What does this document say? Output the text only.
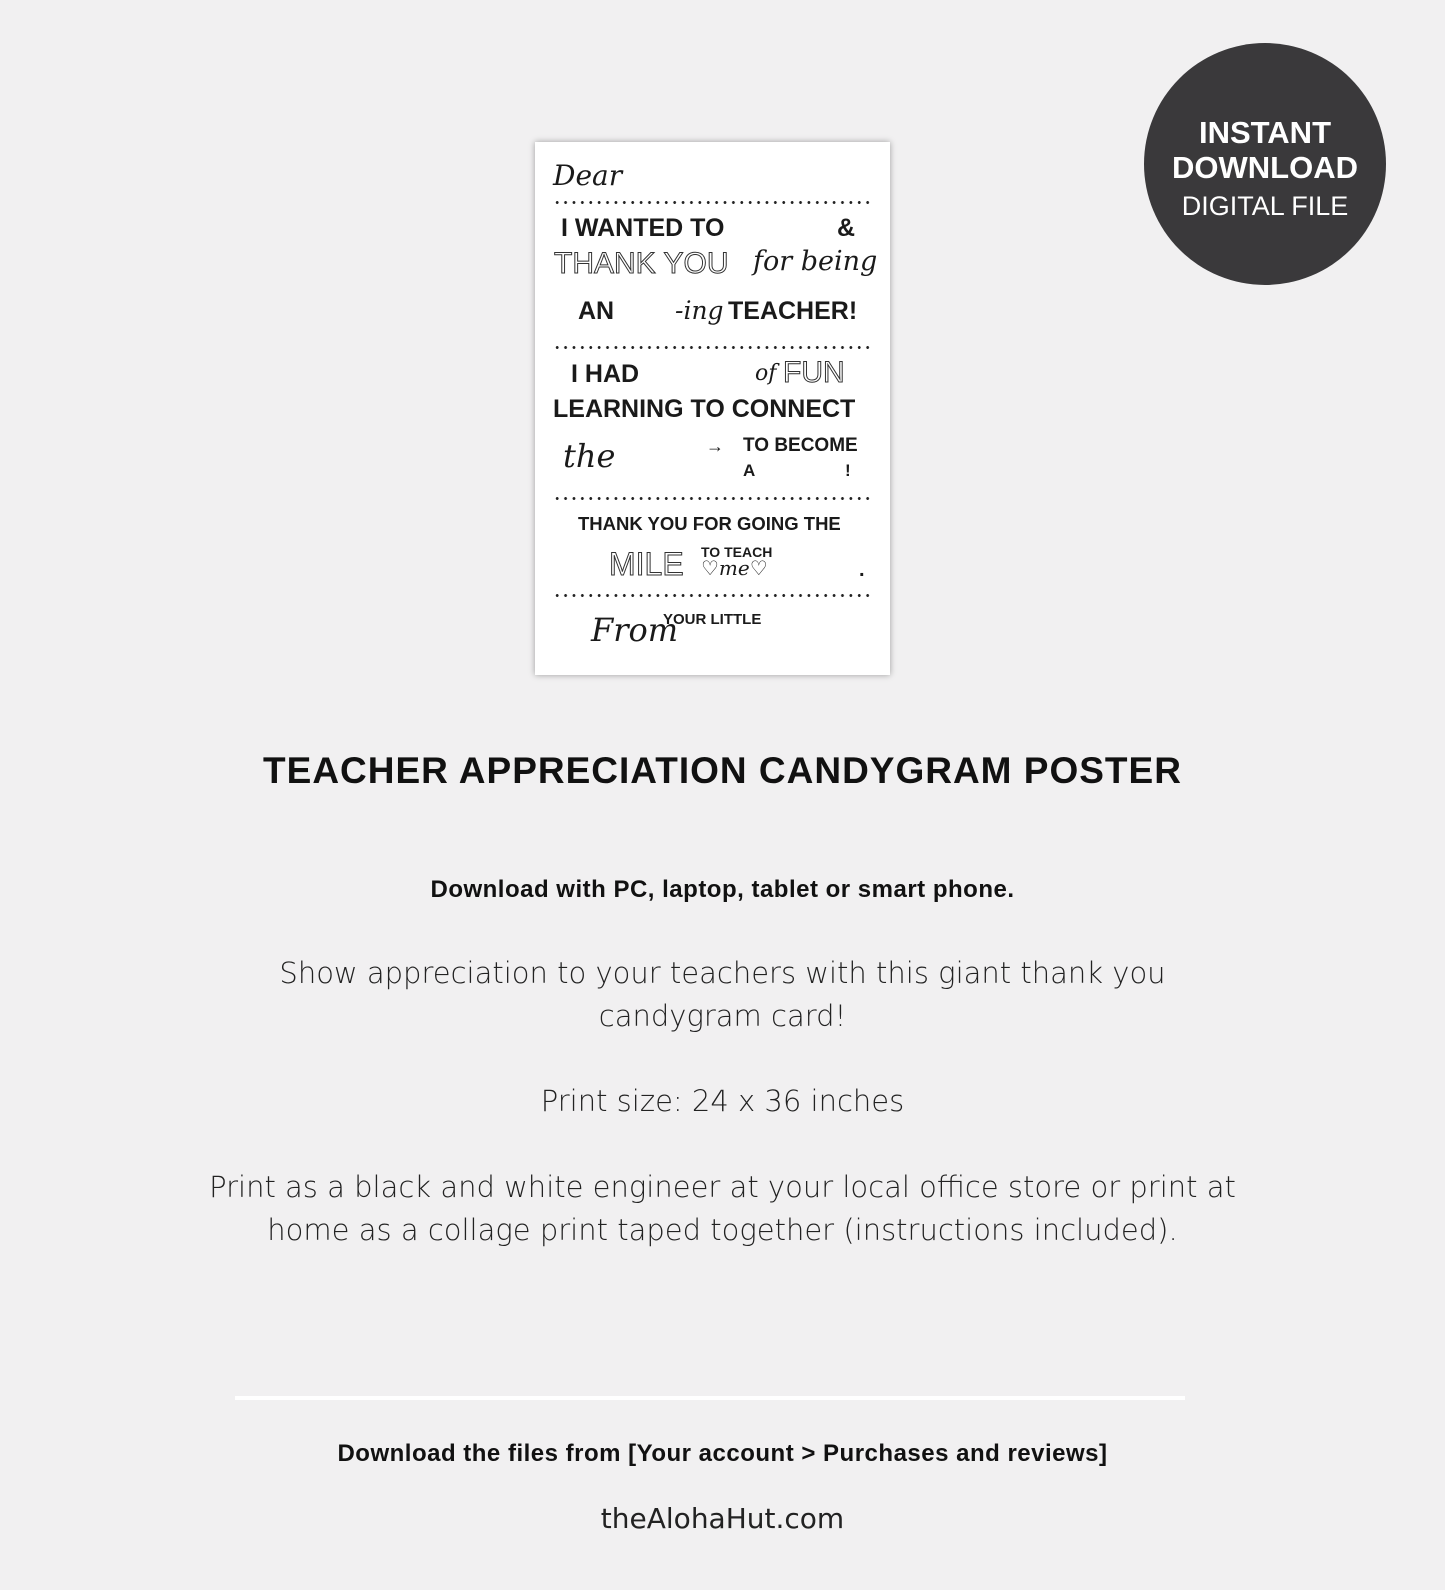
Dear
I WANTED TO	&
THANK YOU for being
AN -ing TEACHER!
I HAD	of FUN
LEARNING TO CONNECT
the	→ TO BECOME
A	!
THANK YOU FOR GOING THE
MILE TO TEACH
♡me♡	.
From
YOUR LITTLE
INSTANT
DOWNLOAD
DIGITAL FILE
TEACHER APPRECIATION CANDYGRAM POSTER
Download with PC, laptop, tablet or smart phone.
Show appreciation to your teachers with this giant thank you
candygram card!
Print size: 24 x 36 inches
Print as a black and white engineer at your local office store or print at
home as a collage print taped together (instructions included).
Download the files from [Your account > Purchases and reviews]
theAlohaHut.com
